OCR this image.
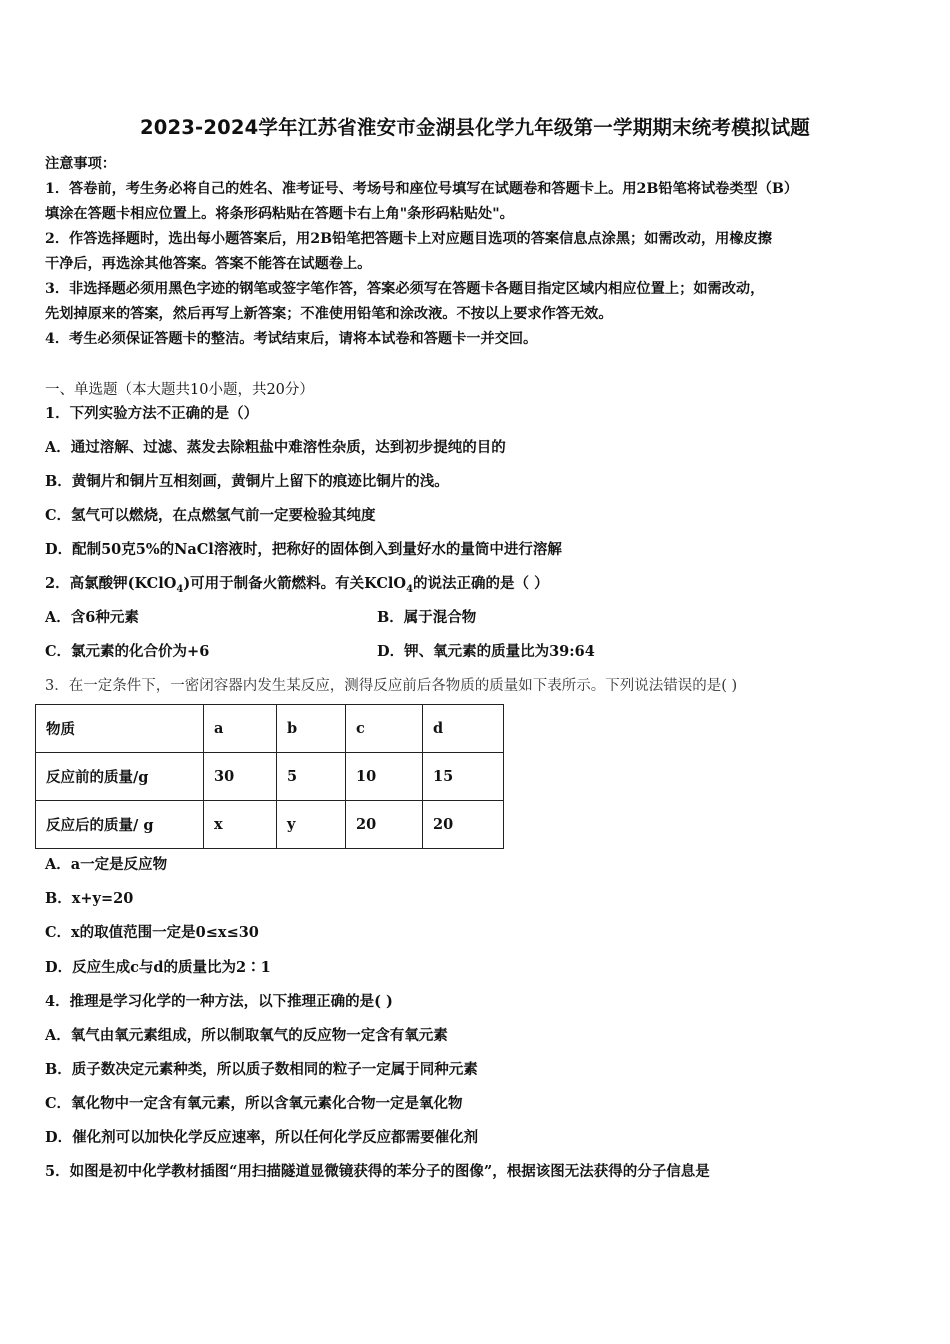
2023-2024学年江苏省淮安市金湖县化学九年级第一学期期末统考模拟试题
注意事项：
1．答卷前，考生务必将自己的姓名、准考证号、考场号和座位号填写在试题卷和答题卡上。用2B铅笔将试卷类型（B）
填涂在答题卡相应位置上。将条形码粘贴在答题卡右上角"条形码粘贴处"。
2．作答选择题时，选出每小题答案后，用2B铅笔把答题卡上对应题目选项的答案信息点涂黑；如需改动，用橡皮擦
干净后，再选涂其他答案。答案不能答在试题卷上。
3．非选择题必须用黑色字迹的钢笔或签字笔作答，答案必须写在答题卡各题目指定区域内相应位置上；如需改动，
先划掉原来的答案，然后再写上新答案；不准使用铅笔和涂改液。不按以上要求作答无效。
4．考生必须保证答题卡的整洁。考试结束后，请将本试卷和答题卡一并交回。
一、单选题（本大题共10小题，共20分）
1．下列实验方法不正确的是（）
A．通过溶解、过滤、蒸发去除粗盐中难溶性杂质，达到初步提纯的目的
B．黄铜片和铜片互相刻画，黄铜片上留下的痕迹比铜片的浅。
C．氢气可以燃烧，在点燃氢气前一定要检验其纯度
D．配制50克5%的NaCl溶液时，把称好的固体倒入到量好水的量筒中进行溶解
2．高氯酸钾(KClO$_4$)可用于制备火箭燃料。有关KClO$_4$的说法正确的是（ ）
A．含6种元素	B．属于混合物
C．氯元素的化合价为+6	D．钾、氧元素的质量比为39:64
3．在一定条件下，一密闭容器内发生某反应，测得反应前后各物质的质量如下表所示。下列说法错误的是( )
物质	a	b	c	d
反应前的质量/g	30	5	10	15
反应后的质量/ g	x	y	20	20
A．a一定是反应物
B．x+y=20
C．x的取值范围一定是0≤x≤30
D．反应生成c与d的质量比为2∶1
4．推理是学习化学的一种方法，以下推理正确的是( )
A．氧气由氧元素组成，所以制取氧气的反应物一定含有氧元素
B．质子数决定元素种类，所以质子数相同的粒子一定属于同种元素
C．氧化物中一定含有氧元素，所以含氧元素化合物一定是氧化物
D．催化剂可以加快化学反应速率，所以任何化学反应都需要催化剂
5．如图是初中化学教材插图“用扫描隧道显微镜获得的苯分子的图像”，根据该图无法获得的分子信息是
